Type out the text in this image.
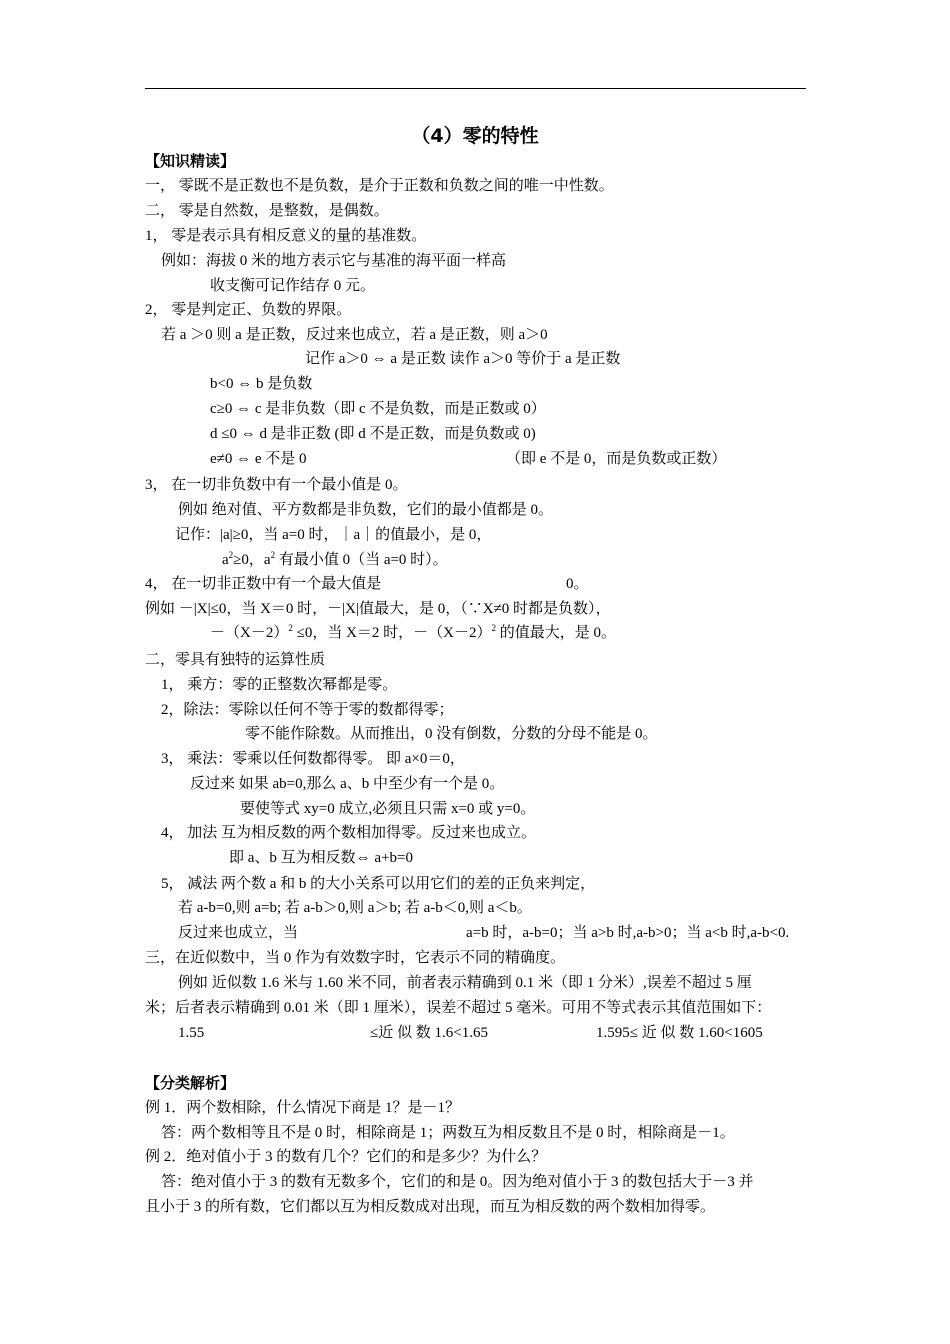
（4）零的特性
【知识精读】
一， 零既不是正数也不是负数，是介于正数和负数之间的唯一中性数。
二， 零是自然数，是整数，是偶数。
1， 零是表示具有相反意义的量的基准数。
例如：海拔 0 米的地方表示它与基准的海平面一样高
收支衡可记作结存 0 元。
2， 零是判定正、负数的界限。
若 a ＞0 则 a 是正数，反过来也成立，若 a 是正数，则 a＞0
记作 a＞0 ⇔ a 是正数 读作 a＞0 等价于 a 是正数
b<0 ⇔ b 是负数
c≥0 ⇔ c 是非负数（即 c 不是负数，而是正数或 0）
d ≤0 ⇔ d 是非正数 (即 d 不是正数，而是负数或 0)
e≠0 ⇔ e 不是 0	（即 e 不是 0，而是负数或正数）
3， 在一切非负数中有一个最小值是 0。
例如 绝对值、平方数都是非负数，它们的最小值都是 0。
记作：|a|≥0，当 a=0 时，｜a｜的值最小，是 0，
$a^2\ge 0$，$a^2$ 有最小值 0（当 a=0 时）。
4， 在一切非正数中有一个最大值是	0。
例如 －|X|≤0，当 X＝0 时，－|X|值最大，是 0，（∵X≠0 时都是负数），
$-(X-2)^2 \le 0$，当 X＝2 时，$-(X-2)^2$ 的值最大，是 0。
二，零具有独特的运算性质
1， 乘方：零的正整数次幂都是零。
2，除法：零除以任何不等于零的数都得零；
零不能作除数。从而推出，0 没有倒数，分数的分母不能是 0。
3， 乘法：零乘以任何数都得零。 即 a×0＝0，
反过来 如果 ab=0,那么 a、b 中至少有一个是 0。
要使等式 xy=0 成立,必须且只需 x=0 或 y=0。
4， 加法 互为相反数的两个数相加得零。反过来也成立。
即 a、b 互为相反数⇔ a+b=0
5， 减法 两个数 a 和 b 的大小关系可以用它们的差的正负来判定，
若 a-b=0,则 a=b; 若 a-b＞0,则 a＞b; 若 a-b＜0,则 a＜b。
反过来也成立，当	a=b 时，a-b=0；当 a>b 时,a-b>0；当 a<b 时,a-b<0.
三，在近似数中，当 0 作为有效数字时，它表示不同的精确度。
例如 近似数 1.6 米与 1.60 米不同，前者表示精确到 0.1 米（即 1 分米）,误差不超过 5 厘
米；后者表示精确到 0.01 米（即 1 厘米），误差不超过 5 毫米。可用不等式表示其值范围如下：
1.55	≤近 似 数 1.6<1.65	1.595≤ 近 似 数 1.60<1605
【分类解析】
例 1．两个数相除，什么情况下商是 1？是－1？
答：两个数相等且不是 0 时，相除商是 1；两数互为相反数且不是 0 时，相除商是－1。
例 2．绝对值小于 3 的数有几个？它们的和是多少？为什么？
答：绝对值小于 3 的数有无数多个，它们的和是 0。因为绝对值小于 3 的数包括大于－3 并
且小于 3 的所有数，它们都以互为相反数成对出现，而互为相反数的两个数相加得零。
